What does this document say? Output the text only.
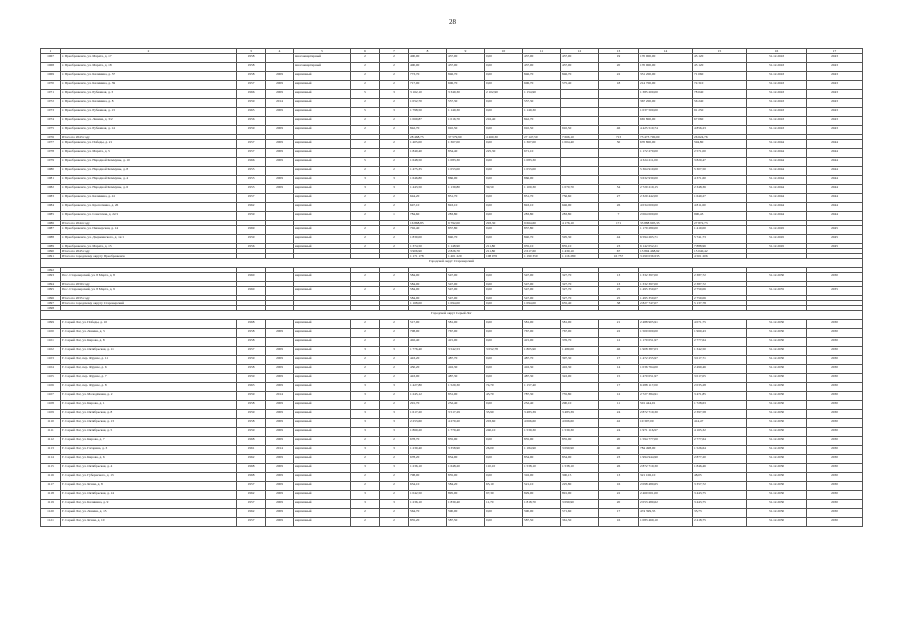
28
1	2	3	4	5	6	7	8	9	10	11	12	13	14	15	16	17
1067	г. Преображенск, ул. Марата, д. 17	1958		многоквартирный	2	2	400,00	437,00	0,00	437,00	437,00	19	170 900,00	45 120	31.12.2043	2043
1068	г. Преображенск, ул. Марата, д. 18	1958		многоквартирный	2	2	400,00	437,00	0,00	437,00	437,00	20	170 900,00	45 120	31.12.2043	2043
1069	г. Преображенск, ул. Калинина, д. 37	1958	2009	кирпичный	2	2	773,70	846,70	0,00	846,70	846,70	22	331 200,00	71 060	31.12.2043	2043
1070	г. Преображенск, ул. Калинина, д. 39	1957	2009	кирпичный	2	2	717,00	606,70	0,00	606,70	575,40	18	214 700,00	74 310	31.12.2043	2043
1071	г. Преображенск, ул. Рубежная, д. 3	1966	2009	кирпичный	5	3	3 162,10	3 349,30	2 102,90	1 154,90			1 385 200,00	78 040	31.12.2043	2043
1072	г. Преображенск, ул. Калинина, д. 8	1959	2014	кирпичный	2	2	1 052,70	557,30	0,00	557,30			367 200,00	56 240	31.12.2043	2043
1073	г. Преображенск, ул. Рубежная, д. 13	1965	2009	кирпичный	5	3	1 798,50	1 149,30	0,00	1 149,30			1 037 500,00	91 250	31.12.2043	2043
1074	г. Преображенск, ул. Ленина, д. 3/2	1956		кирпичный	2	2	1 069,87	1 016,70	216,40	842,70			665 800,00	67 060	31.12.2043	2043
1075	г. Преображенск, ул. Рубежная, д. 14	1959	2009	кирпичный	2	2	842,70	910,50	0,00	910,50	910,50	46	4 425 510,74	4 856,23	31.12.2043	2043
1076	Итого по 2043 году						28 468,75	37 579,90	4 460,30	27 147,50	7 666,10	713	73 473 700,00	26 624,76		
1077	г. Преображенск, ул. Победы, д. 21	1957	2009	кирпичный	2	2	1 405,00	1 367,00	0,00	1 367,00	1 004,40	50	670 800,00	594,80	31.12.2044	2044
1078	г. Преображенск, ул. Марата, д. 5	1957	2009	кирпичный	2	2	1 840,40	834,40	225,30	671,10			1 172 270,00	2 571,00	31.12.2044	2044
1079	г. Преображенск, ул. Народной Коммуны, д. 10	1966	2009	кирпичный	5	2	1 648,50	1 083,30	0,00	1 083,30			4 324 211,00	3 820,47	31.12.2044	2044
1080	г. Преображенск, ул. Народной Коммуны, д. 8	1955		кирпичный	2	2	1 475,35	1 053,00	0,00	1 053,00			5 364 910,00	5 307,50	31.12.2044	2044
1081	г. Преображенск, ул. Народной Коммуны, д. 4	1953	2009	кирпичный	3	3	1 646,80	866,00	0,00	866,00			3 632 930,00	4 371,60	31.12.2044	2044
1082	г. Преображенск, ул. Народной Коммуны, д. 6	1953	2009	кирпичный	3	3	1 443,50	1 139,80	39,50	1 100,30	1 070,70	54	2 720 219,15	2 348,36	31.12.2044	2044
1083	г. Преображенск, ул. Калинина, д. 41	1957		кирпичный	2	2	644,20	851,70	0,00	851,70	756,60	27	2 320 442,00	1 640,27	31.12.2044	2044
1084	г. Преображенск, ул. Кропоткина, д. 26	1962		кирпичный	2	2	647,10	843,10	0,00	843,10	646,90	26	4 034 000,00	4 811,60	31.12.2044	2044
1085	г. Преображенск, ул. Советская, д. 22/1	1959		кирпичный	2	1	784,60	283,80	0,00	283,80	283,80	7	2 064 000,00	990,43	31.12.2044	2044
1086	Итого по 2044 году						16 868,85	9 792,00	293,30	9 664,60	4 176,10	171	33 888 995,33	27 872,73		
1087	г. Преображенск, ул. Пионерская, д. 14	1969		кирпичный	2	2	702,40	837,80	0,00	837,80			1 179 280,00	1 410,00	31.12.2045	2045
1088	г. Преображенск, ул. Дзержинского, д. 1а/1	1959		кирпичный	2	2	1 830,00	840,70	0,00	840,70	595,30	44	6 594 265,71	5 741,73	31.12.2045	2045
1089	г. Преображенск, ул. Марата, д. 15	1956		кирпичный	2	2	1 374,50	1 148,90	211,80	935,10	835,10	23	6 142 052,21	7 888,96	31.12.2045	2045
1090	Итого по 2045 году						3 906,90	2 826,70	211,80	2 617,60	1 430,10	67	13 894 468,92	15 040,42		
1091	Итого по городскому округу Преображенск						1 171 178	1 401 229	108 076	1 190 350	1 116 280	16 757	3 299 036 635	4 501 206		
Городской округ Староверский																
1092																
1093	Пос. Староверский, ул. 8 Марта, д. 8	1960		кирпичный	2	2	584,00	547,00	0,00	547,00	327,70	13	1 332 397,00	2 387,72	31.12.2030	2030
1094	Итого по 2030 году						584,00	547,00	0,00	547,00	327,70	13	1 332 397,00	2 387,72		
1095	Пос. Староверский, ул. 8 Марта, д. 9	1960		кирпичный	2	2	584,00	547,00	0,00	547,00	327,70	25	1 495 350,07	2 750,06	31.12.2035	2035
1096	Итого по 2035 году						584,00	547,00	0,00	547,00	327,70	25	1 495 350,07	2 750,06		
1097	Итого по городскому округу Староверский						1 168,00	1 094,00	0,00	1 094,00	655,40	38	2 827 747,07	5 137,78		
1098																
Городской округ Серый Лог																
1099	Г. Серый Лог, ул. Победы, д. 10	1968		кирпичный	2	2	517,00	581,00	0,00	581,00	581,00	21	2 488 905,91	4 071,75	31.12.2030	2030
1100	Г. Серый Лог, ул. Ленина, д. 5	1958	2009	кирпичный	2	2	708,00	767,00	0,00	767,00	767,00	22	1 500 000,00	1 960,43	31.12.2030	2030
1101	Г. Серый Лог, ул. Кирова, д. 8	1958		кирпичный	2	2	402,40	415,00	0,00	415,00	376,70	12	1 170 051,97	2 777,64	31.12.2030	2030
1102	Г. Серый Лог, ул. Октябрьская, д. 11	1957	2009	кирпичный	3	3	1 776,40	3 542,53	3 052,78	1 805,90	1 480,00	46	1 908 387,03	1 342,50	31.12.2030	2030
1103	Г. Серый Лог, пер. Фрунзе, д. 11	1959	2009	кирпичный	2	2	443,20	487,70	0,00	487,70	397,30	17	1 472 255,97	3 017,71	31.12.2030	2030
1104	Г. Серый Лог, пер. Фрунзе, д. 6	1958	2009	кирпичный	2	2	450,20	416,30	0,00	416,30	416,30	14	1 036 764,00	2 490,46	31.12.2030	2030
1105	Г. Серый Лог, пер. Фрунзе, д. 7	1959	2009	кирпичный	2	2	443,00	487,30	0,00	487,30	322,00	15	1 470 051,97	3 017,05	31.12.2030	2030
1106	Г. Серый Лог, пер. Фрунзе, д. 8	1963	2009	кирпичный	3	3	1 427,80	1 529,30	74,70	1 157,40		17	6 288 117,00	2 035,28	31.12.2030	2030
1107	Г. Серый Лог, ул. Молодёжная, д. 2	1959	2014	кирпичный	3	2	1 245,12	831,00	43,70	787,30	735,80	12	2 727 384,91	3 471,85	31.12.2030	2030
1108	Г. Серый Лог, ул. Кирова, д. 1	1958	2009	кирпичный	2	2	291,70	252,40	0,00	252,40	290,10	11	501 444,01	1 728,63	31.12.2030	2030
1109	Г. Серый Лог, ул. Октябрьская, д. 8	1959	2009	кирпичный	3	3	1 617,20	3 517,29	33,90	3 483,39	3 483,39	24	2 872 719,30	2 397,58	31.12.2030	2030
1110	Г. Серый Лог, ул. Октябрьская, д. 13	1958	2009	кирпичный	3	3	2 253,60	4 270,20	203,60	4 066,60	4 066,60	42	10 397,00	414,47	31.12.2030	2030
1111	Г. Серый Лог, ул. Октябрьская, д. 5	1959	2009	кирпичный	3	3	1 860,20	1 779,40	240,10	1 539,30	1 539,30	24	1 971 116,97	4 165,32	31.12.2030	2030
1112	Г. Серый Лог, ул. Кирова, д. 7	1968	2009	кирпичный	2	2	678,70	835,90	0,00	835,90	835,90	20	1 594 777,00	2 777,64	31.12.2030	2030
1113	Г. Серый Лог, ул. Гагарина, д. 3	1961	2014	кирпичный	3	3	1 230,40	3 358,90	26,00	1 184,90	3 099,90	40	784 498,00	1 526,64	31.12.2030	2030
1114	Г. Серый Лог, ул. Кирова, д. 6	1962	2009	кирпичный	2	2	678,20	834,90	0,00	834,90	834,90	23	1 994 944,90	2 877,20	31.12.2030	2030
1115	Г. Серый Лог, ул. Октябрьская, д. 4	1968	2009	кирпичный	3	3	1 236,10	1 648,20	110,10	1 538,10	1 538,10	26	2 872 719,30	1 846,46	31.12.2030	2030
1116	Г. Серый Лог, ул. Губернского, д. 13	1968	2009	кирпичный	2	2	708,00	835,00	0,00	316,00	300,15	13	321 106,10	48,05	31.12.2030	2030
1117	Г. Серый Лог, ул. Ясная, д. 8	1957	2009	кирпичный	2	2	634,10	584,20	63,10	521,10	225,80	16	2 098 480,65	3 357,72	31.12.2030	2030
1118	Г. Серый Лог, ул. Октябрьская, д. 14	1962	2009	кирпичный	3	2	1 042,50	895,00	97,30	829,00	891,90	22	2 460 001,00	3 443,75	31.12.2030	2030
1119	Г. Серый Лог, ул. Калинина, д. 9	1957	2009	кирпичный	3	3	1 236,10	1 830,40	11,70	1 818,70	3 099,90	20	2 053 480,62	3 443,75	31.12.2030	2030
1120	Г. Серый Лог, ул. Ленина, д. 15	1962	2009	кирпичный	2	2	564,70	590,00	0,00	590,00	571,60	17	474 399,35	35,73	31.12.2030	2030
1121	Г. Серый Лог, ул. Ясная, д. 10	1957	2009	кирпичный	2	2	835,20	587,50	0,00	587,50	361,50	16	1 083 469,10	2 418,75	31.12.2030	2030
